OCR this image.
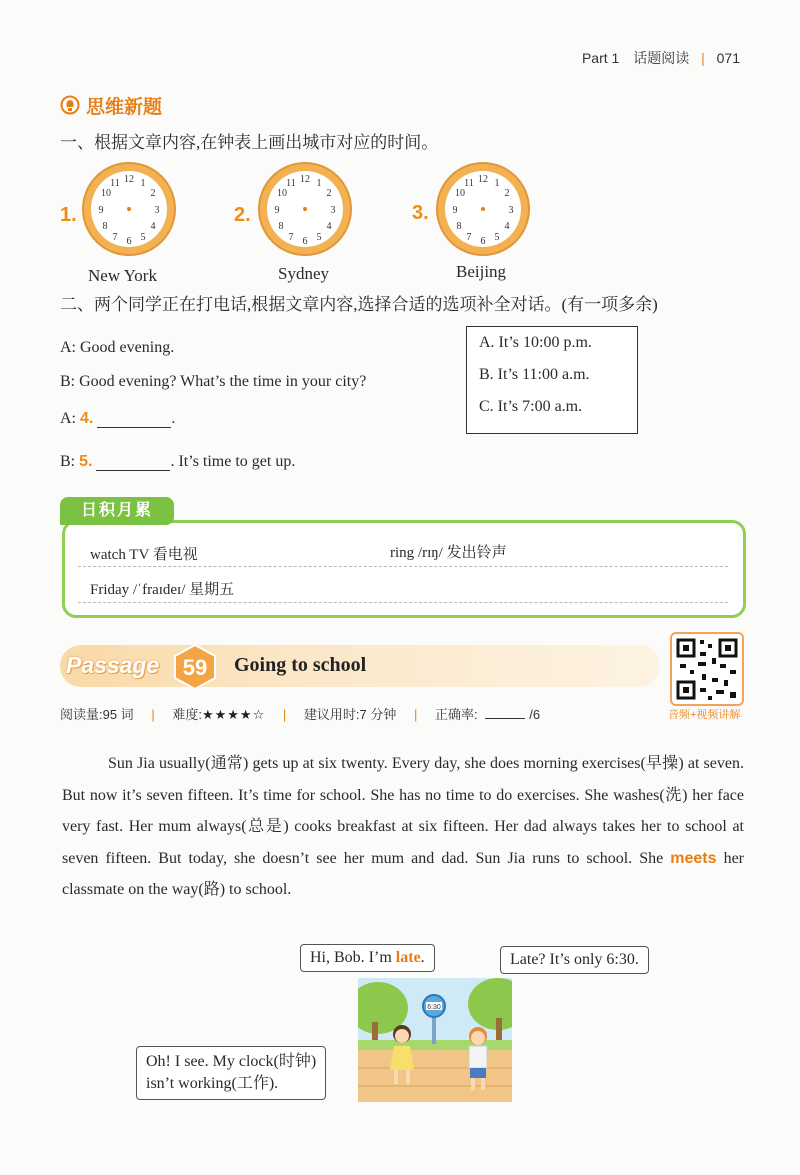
Part 1 话题阅读 | 071
思维新题
一、根据文章内容,在钟表上画出城市对应的时间。
1.
12 1
2
3
4
5
6
7
8
9
10
11
New York
2.
12 1
2
3
4
5
6
7
8
9
10
11
Sydney
3.
12 1
2
3
4
5
6
7
8
9
10
11
Beijing
二、两个同学正在打电话,根据文章内容,选择合适的选项补全对话。(有一项多余)
A: Good evening.
B: Good evening? What’s the time in your city?
A: 4.	.
B: 5.	. It’s time to get up.
A. It’s 10:00 p.m.
B. It’s 11:00 a.m.
C. It’s 7:00 a.m.
日积月累
watch TV 看电视	ring /rɪŋ/ 发出铃声
Friday /ˈfraɪdeɪ/ 星期五
Passage 59 Going to school
音频+视频讲解
阅读量:95 词 | 难度:★★★★☆ | 建议用时:7 分钟 | 正确率:	/6
Sun Jia usually(通常) gets up at six twenty. Every day, she does morning exercises(早操) at seven. But now it’s seven fifteen. It’s time for school. She has no time to do exercises. She washes(洗) her face very fast. Her mum always(总是) cooks breakfast at six fifteen. Her dad always takes her to school at seven fifteen. But today, she doesn’t see her mum and dad. Sun Jia runs to school. She meets her classmate on the way(路) to school.
6:30
Hi, Bob. I’m late.	Late? It’s only 6:30.
Oh! I see. My clock(时钟)
isn’t working(工作).
